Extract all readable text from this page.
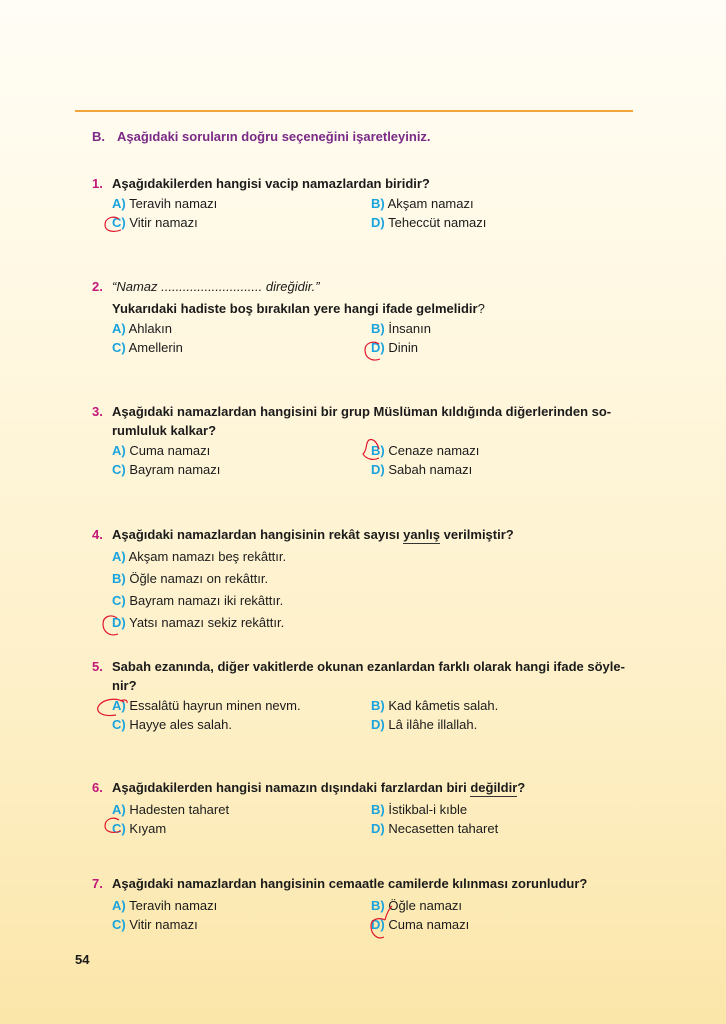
B. Aşağıdaki soruların doğru seçeneğini işaretleyiniz.
1. Aşağıdakilerden hangisi vacip namazlardan biridir?
A) Teravih namazı	B) Akşam namazı
C) Vitir namazı	D) Teheccüt namazı
2. “Namaz ............................ direğidir.”
Yukarıdaki hadiste boş bırakılan yere hangi ifade gelmelidir?
A) Ahlakın	B) İnsanın
C) Amellerin	D) Dinin
3. Aşağıdaki namazlardan hangisini bir grup Müslüman kıldığında diğerlerinden so-
rumluluk kalkar?
A) Cuma namazı	B) Cenaze namazı
C) Bayram namazı	D) Sabah namazı
4. Aşağıdaki namazlardan hangisinin rekât sayısı yanlış verilmiştir?
A) Akşam namazı beş rekâttır.
B) Öğle namazı on rekâttır.
C) Bayram namazı iki rekâttır.
D) Yatsı namazı sekiz rekâttır.
5. Sabah ezanında, diğer vakitlerde okunan ezanlardan farklı olarak hangi ifade söyle-
nir?
A) Essalâtü hayrun minen nevm.	B) Kad kâmetis salah.
C) Hayye ales salah.	D) Lâ ilâhe illallah.
6. Aşağıdakilerden hangisi namazın dışındaki farzlardan biri değildir?
A) Hadesten taharet	B) İstikbal-i kıble
C) Kıyam	D) Necasetten taharet
7. Aşağıdaki namazlardan hangisinin cemaatle camilerde kılınması zorunludur?
A) Teravih namazı	B) Öğle namazı
C) Vitir namazı	D) Cuma namazı
54
